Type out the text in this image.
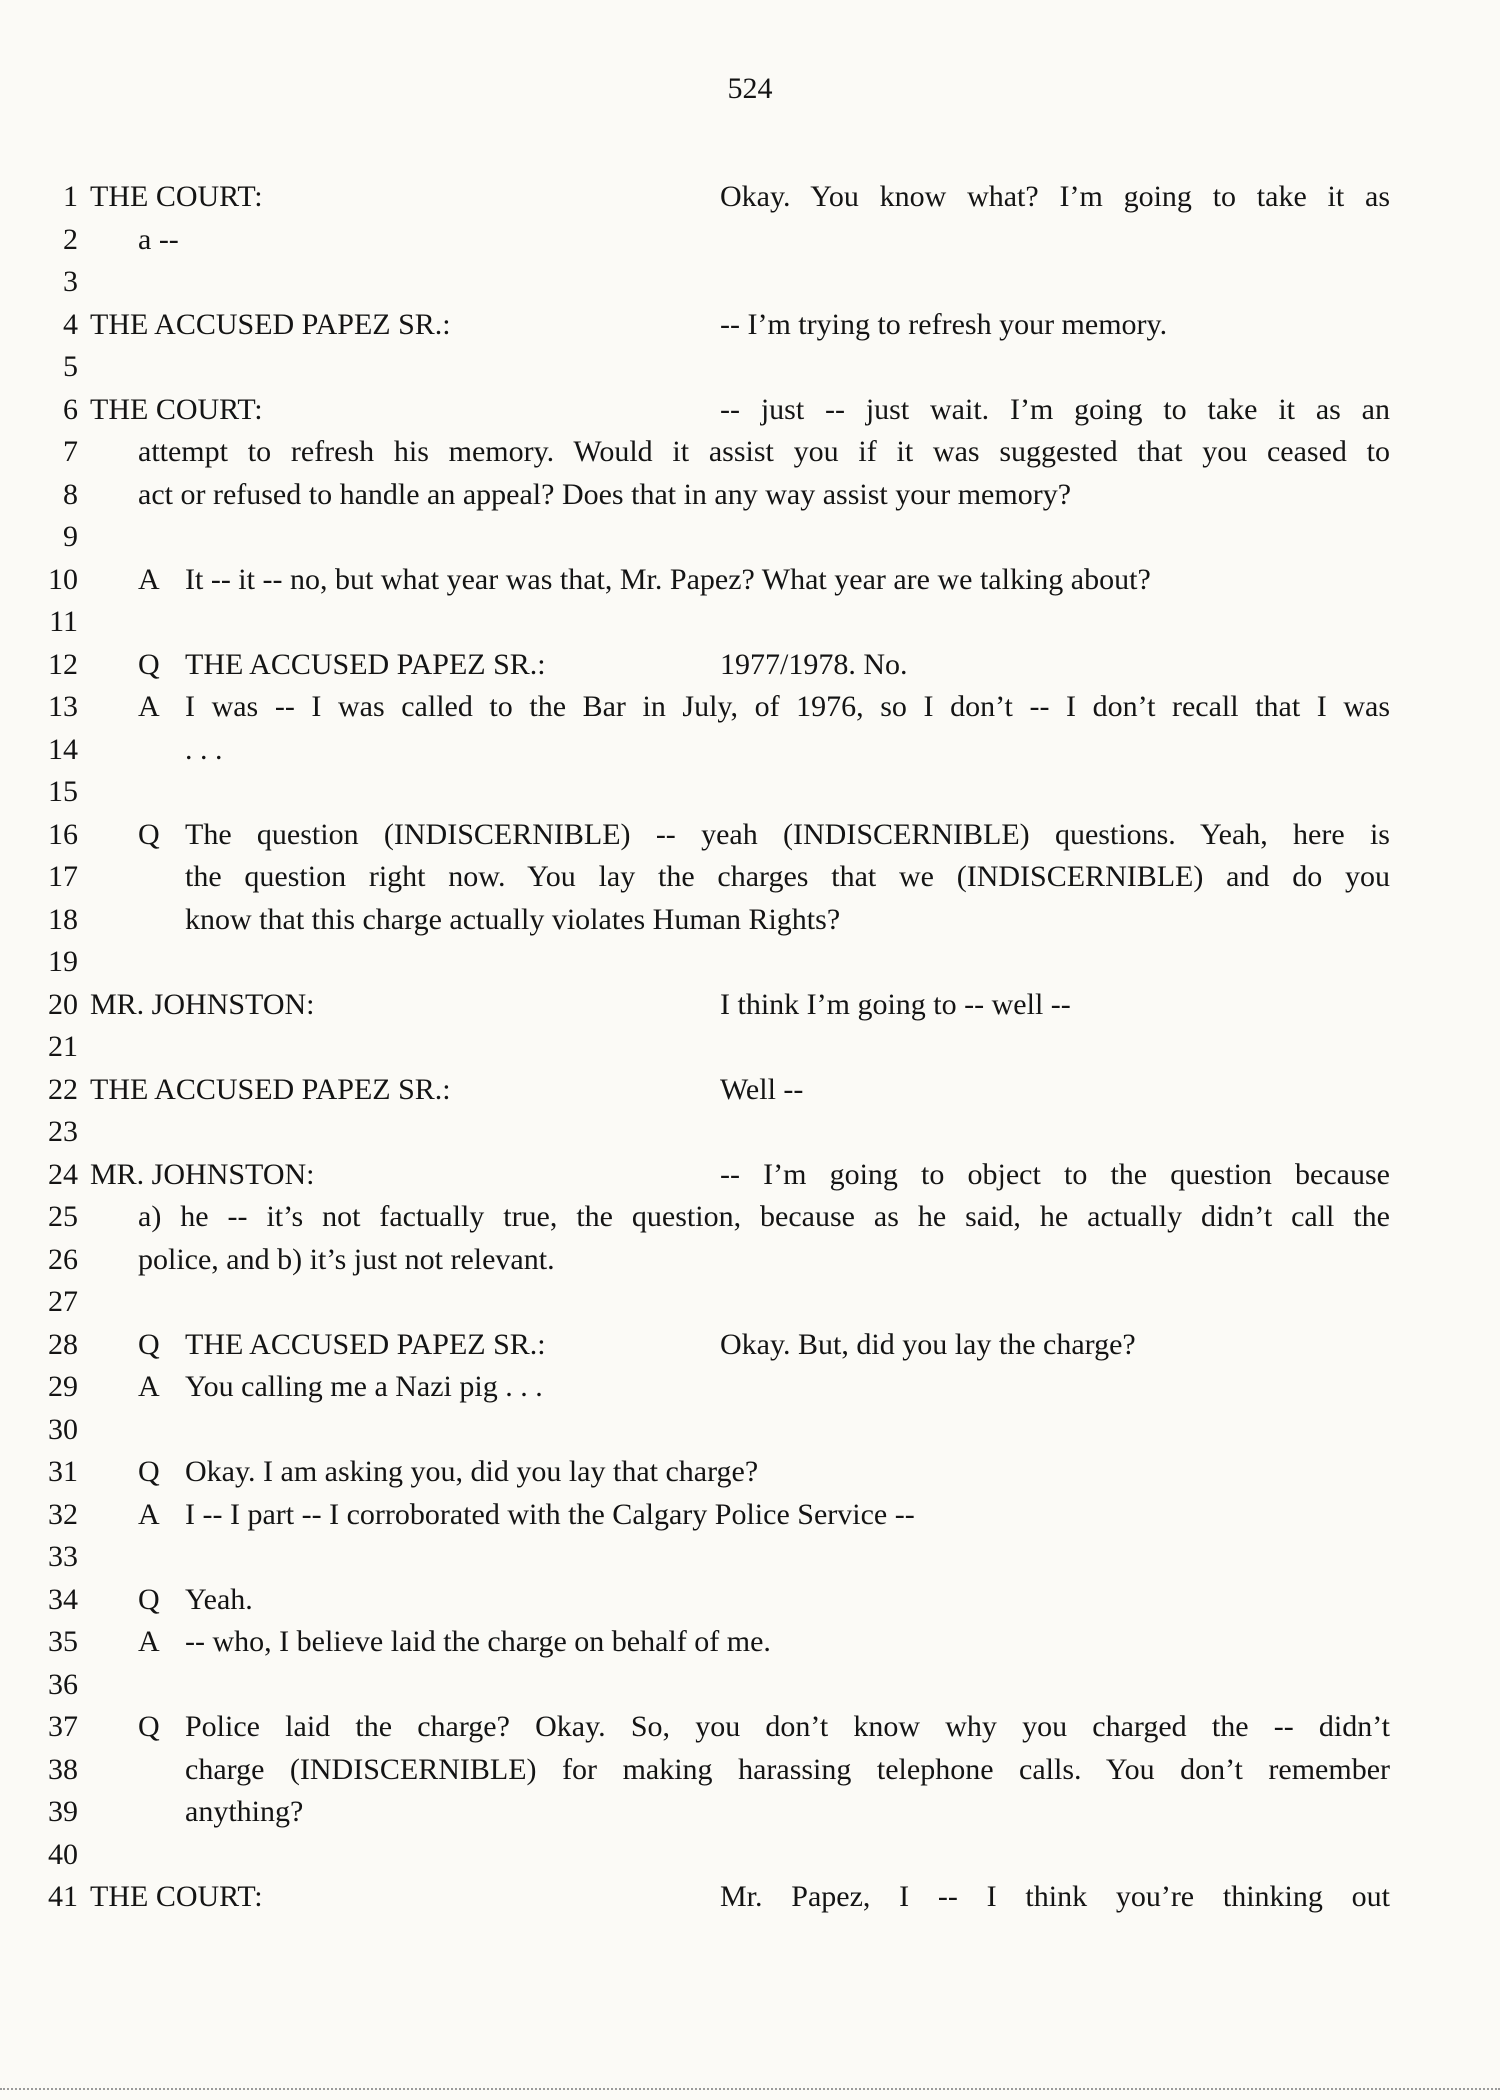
524
1 THE COURT:	Okay. You know what? I’m going to take it as
2 a --
3
4 THE ACCUSED PAPEZ SR.:	-- I’m trying to refresh your memory.
5
6 THE COURT:	-- just -- just wait. I’m going to take it as an
7 attempt to refresh his memory. Would it assist you if it was suggested that you ceased to
8 act or refused to handle an appeal? Does that in any way assist your memory?
9
10 A It -- it -- no, but what year was that, Mr. Papez? What year are we talking about?
11
12 Q THE ACCUSED PAPEZ SR.:	1977/1978. No.
13 A I was -- I was called to the Bar in July, of 1976, so I don’t -- I don’t recall that I was
14	. . .
15
16 Q The question (INDISCERNIBLE) -- yeah (INDISCERNIBLE) questions. Yeah, here is
17	the question right now. You lay the charges that we (INDISCERNIBLE) and do you
18	know that this charge actually violates Human Rights?
19
20 MR. JOHNSTON:	I think I’m going to -- well --
21
22 THE ACCUSED PAPEZ SR.:	Well --
23
24 MR. JOHNSTON:	-- I’m going to object to the question because
25 a) he -- it’s not factually true, the question, because as he said, he actually didn’t call the
26 police, and b) it’s just not relevant.
27
28 Q THE ACCUSED PAPEZ SR.:	Okay. But, did you lay the charge?
29 A You calling me a Nazi pig . . .
30
31 Q Okay. I am asking you, did you lay that charge?
32 A I -- I part -- I corroborated with the Calgary Police Service --
33
34 Q Yeah.
35 A -- who, I believe laid the charge on behalf of me.
36
37 Q Police laid the charge? Okay. So, you don’t know why you charged the -- didn’t
38	charge (INDISCERNIBLE) for making harassing telephone calls. You don’t remember
39	anything?
40
41 THE COURT:	Mr. Papez, I -- I think you’re thinking out
